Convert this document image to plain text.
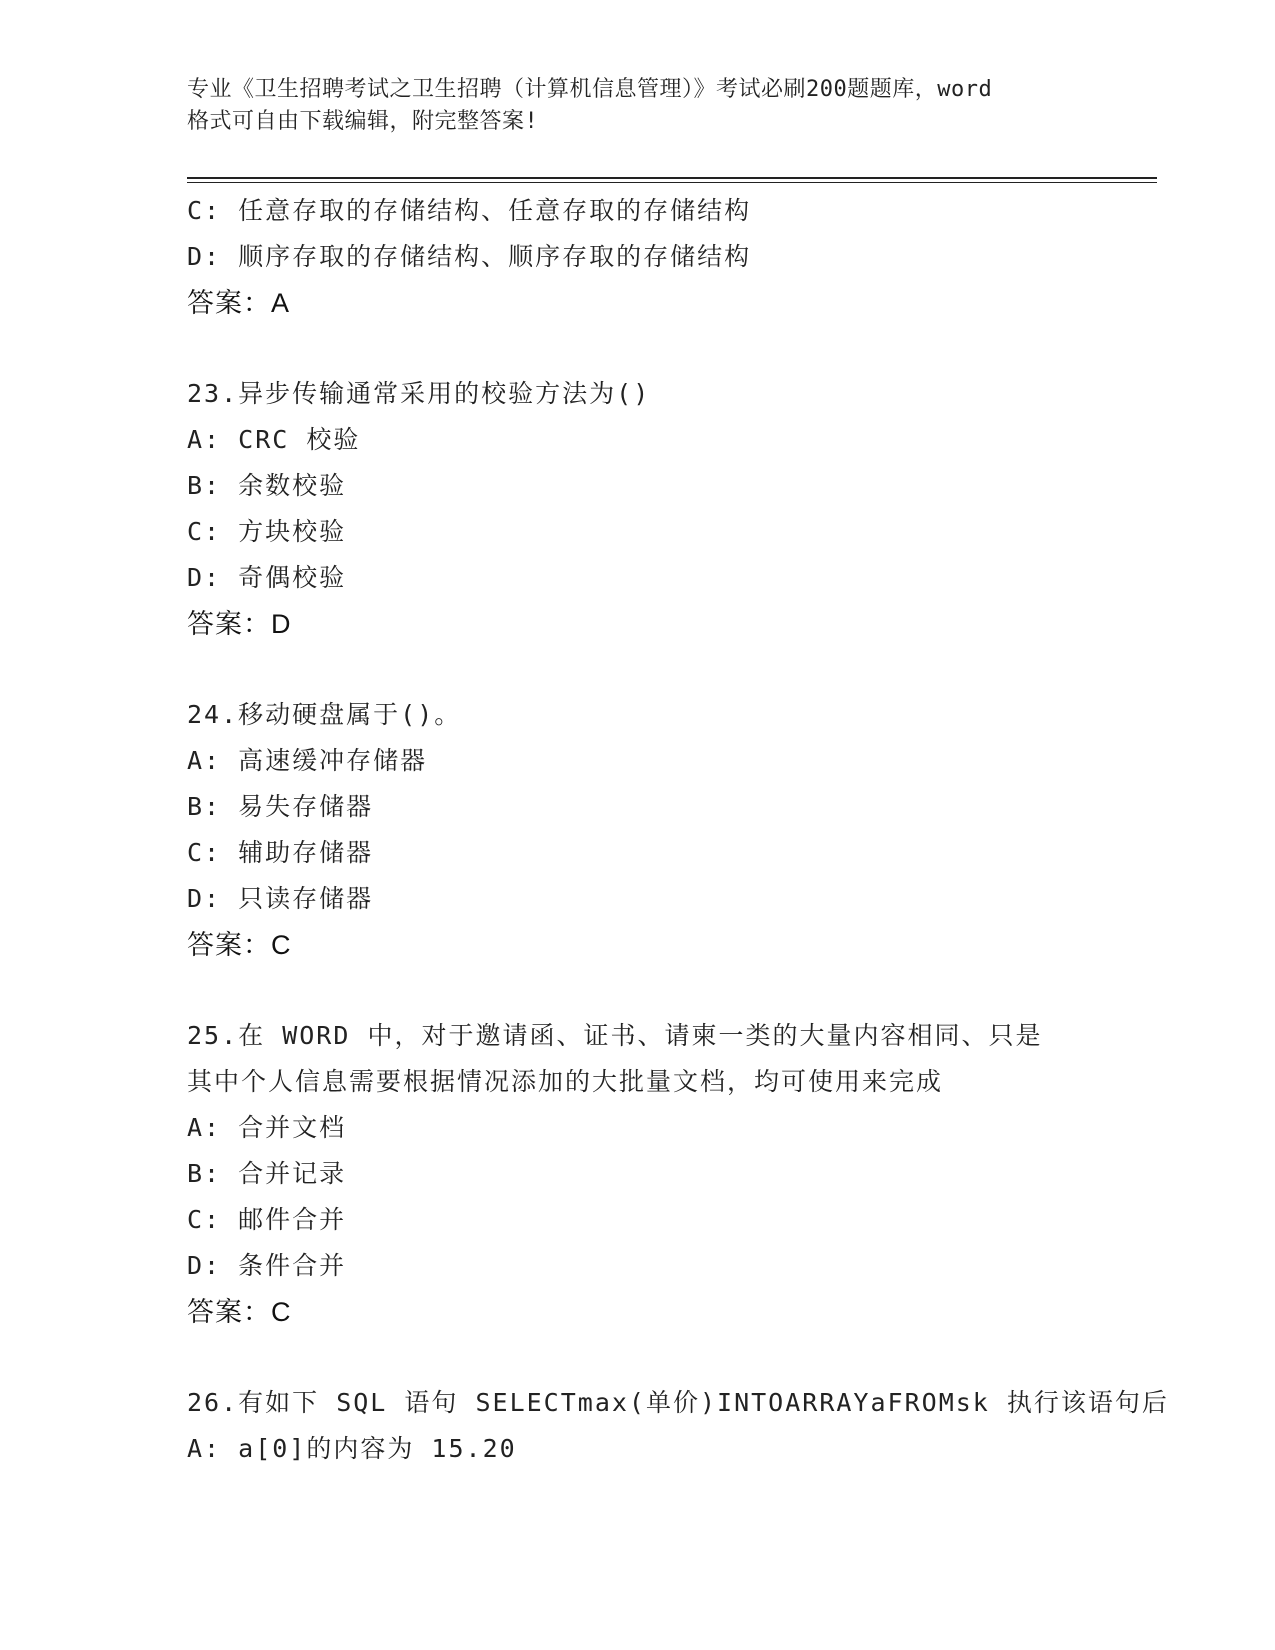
专业《卫生招聘考试之卫生招聘（计算机信息管理）》考试必刷200题题库，word
格式可自由下载编辑，附完整答案!
C: 任意存取的存储结构、任意存取的存储结构
D: 顺序存取的存储结构、顺序存取的存储结构
答案：A
23.异步传输通常采用的校验方法为()
A: CRC 校验
B: 余数校验
C: 方块校验
D: 奇偶校验
答案：D
24.移动硬盘属于()。
A: 高速缓冲存储器
B: 易失存储器
C: 辅助存储器
D: 只读存储器
答案：C
25.在 WORD 中，对于邀请函、证书、请柬一类的大量内容相同、只是
其中个人信息需要根据情况添加的大批量文档，均可使用来完成
A: 合并文档
B: 合并记录
C: 邮件合并
D: 条件合并
答案：C
26.有如下 SQL 语句 SELECTmax(单价)INTOARRAYaFROMsk 执行该语句后
A: a[0]的内容为 15.20
